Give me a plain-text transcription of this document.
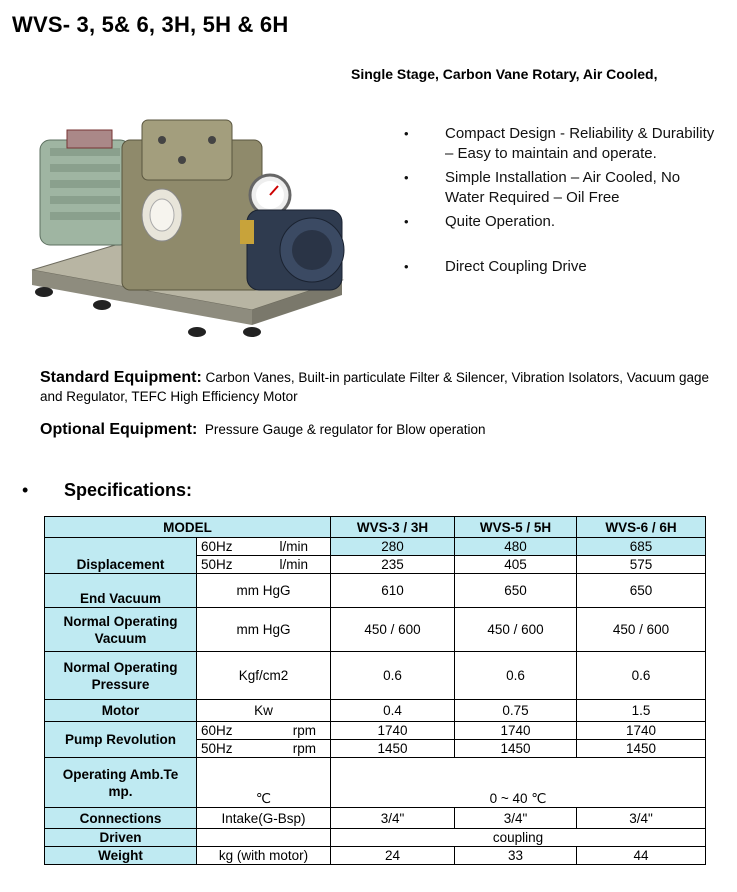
WVS- 3, 5& 6, 3H, 5H & 6H
Single Stage, Carbon Vane Rotary, Air Cooled,
• Compact Design - Reliability & Durability – Easy to maintain and operate.
• Simple Installation – Air Cooled, No Water Required – Oil Free
• Quite Operation.
• Direct Coupling Drive
Standard Equipment: Carbon Vanes, Built-in particulate Filter & Silencer, Vibration Isolators, Vacuum gage and Regulator, TEFC High Efficiency Motor
Optional Equipment: Pressure Gauge & regulator for Blow operation
• Specifications:
MODEL		WVS-3 / 3H	WVS-5 / 5H	WVS-6 / 6H
Displacement	60Hz l/min	280	480	685

	50Hz l/min	235	405	575
End Vacuum	mm HgG	610	650	650
Normal Operating Vacuum	mm HgG	450 / 600	450 / 600	450 / 600
Normal Operating Pressure	Kgf/cm2	0.6	0.6	0.6
Motor	Kw	0.4	0.75	1.5
Pump Revolution	60Hz rpm	1740	1740	1740

	50Hz rpm	1450	1450	1450
Operating Amb.Te mp.	℃	0 ~ 40 ℃		
Connections	Intake(G-Bsp)	3/4"	3/4"	3/4"
Driven		coupling		
Weight	kg (with motor)	24	33	44
